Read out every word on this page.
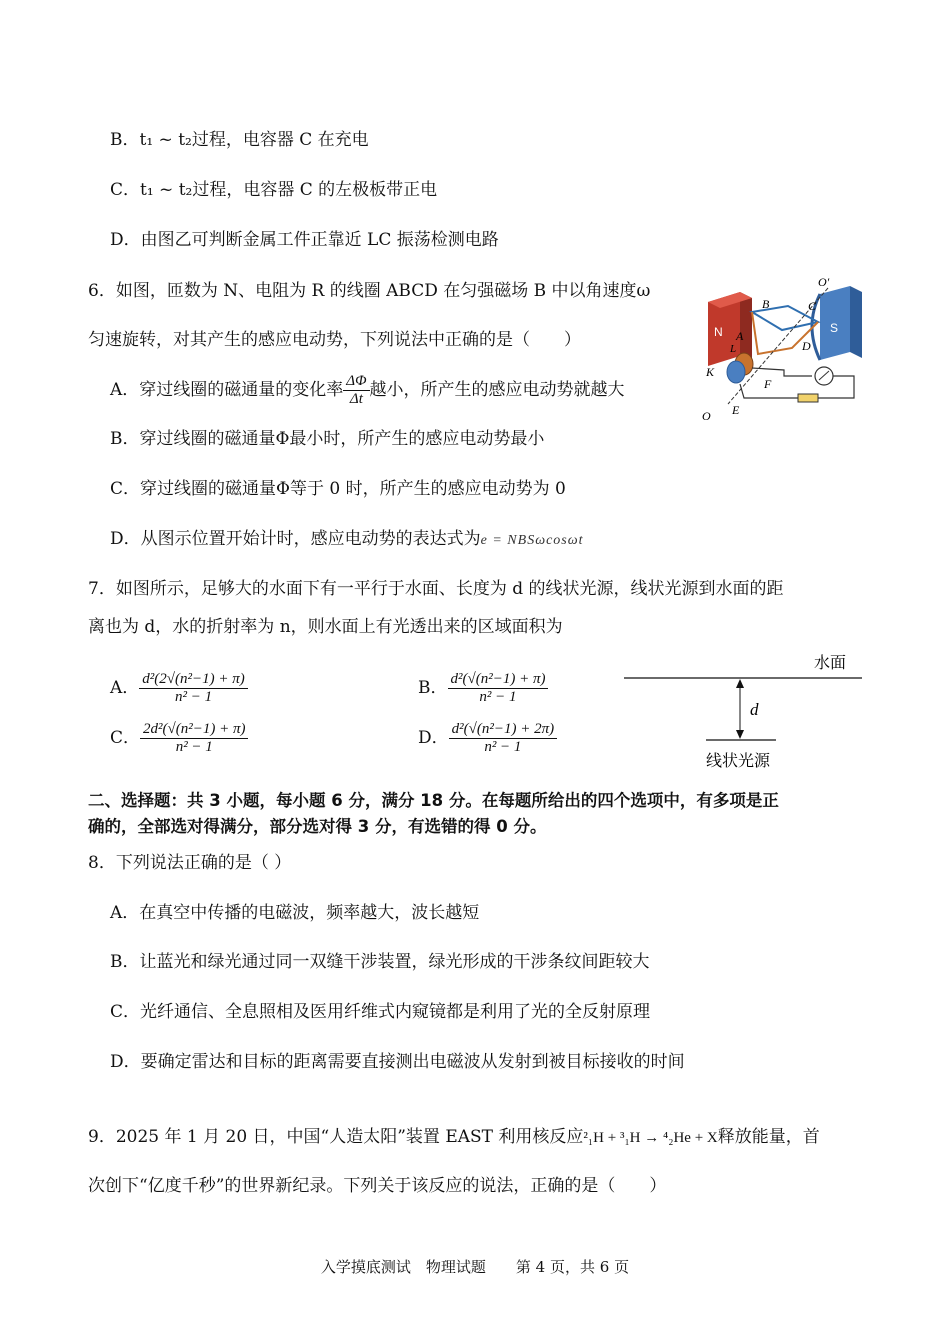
B．t₁ ~ t₂过程，电容器 C 在充电
C．t₁ ~ t₂过程，电容器 C 的左极板带正电
D．由图乙可判断金属工件正靠近 LC 振荡检测电路
6．如图，匝数为 N、电阻为 R 的线圈 ABCD 在匀强磁场 B 中以角速度ω
匀速旋转，对其产生的感应电动势，下列说法中正确的是（　　）
A．穿过线圈的磁通量的变化率 $\frac{\Delta\Phi}{\Delta t}$ 越小，所产生的感应电动势就越大
B．穿过线圈的磁通量Φ最小时，所产生的感应电动势最小
C．穿过线圈的磁通量Φ等于 0 时，所产生的感应电动势为 0
D．从图示位置开始计时，感应电动势的表达式为e = NBSωcosωt
N	S
B	C
O′
A
L	D
K
F
E
O
7．如图所示，足够大的水面下有一平行于水面、长度为 d 的线状光源，线状光源到水面的距
离也为 d，水的折射率为 n，则水面上有光透出来的区域面积为
A． $\frac{\text{d²(2√(n²−1) + π)}}{\text{n² − 1}}$	B． $\frac{\text{d²(√(n²−1) + π)}}{\text{n² − 1}}$
C． $\frac{\text{2d²(√(n²−1) + π)}}{\text{n² − 1}}$	D． $\frac{\text{d²(√(n²−1) + 2π)}}{\text{n² − 1}}$
水面
d
线状光源
二、选择题：共 3 小题，每小题 6 分，满分 18 分。在每题所给出的四个选项中，有多项是正
确的，全部选对得满分，部分选对得 3 分，有选错的得 0 分。
8．下列说法正确的是（ ）
A．在真空中传播的电磁波，频率越大，波长越短
B．让蓝光和绿光通过同一双缝干涉装置，绿光形成的干涉条纹间距较大
C．光纤通信、全息照相及医用纤维式内窥镜都是利用了光的全反射原理
D．要确定雷达和目标的距离需要直接测出电磁波从发射到被目标接收的时间
9．2025 年 1 月 20 日，中国“人造太阳”装置 EAST 利用核反应²₁H + ³₁H → ⁴₂He + X释放能量，首
次创下“亿度千秒”的世界新纪录。下列关于该反应的说法，正确的是（　　）
入学摸底测试　物理试题　　第 4 页，共 6 页
